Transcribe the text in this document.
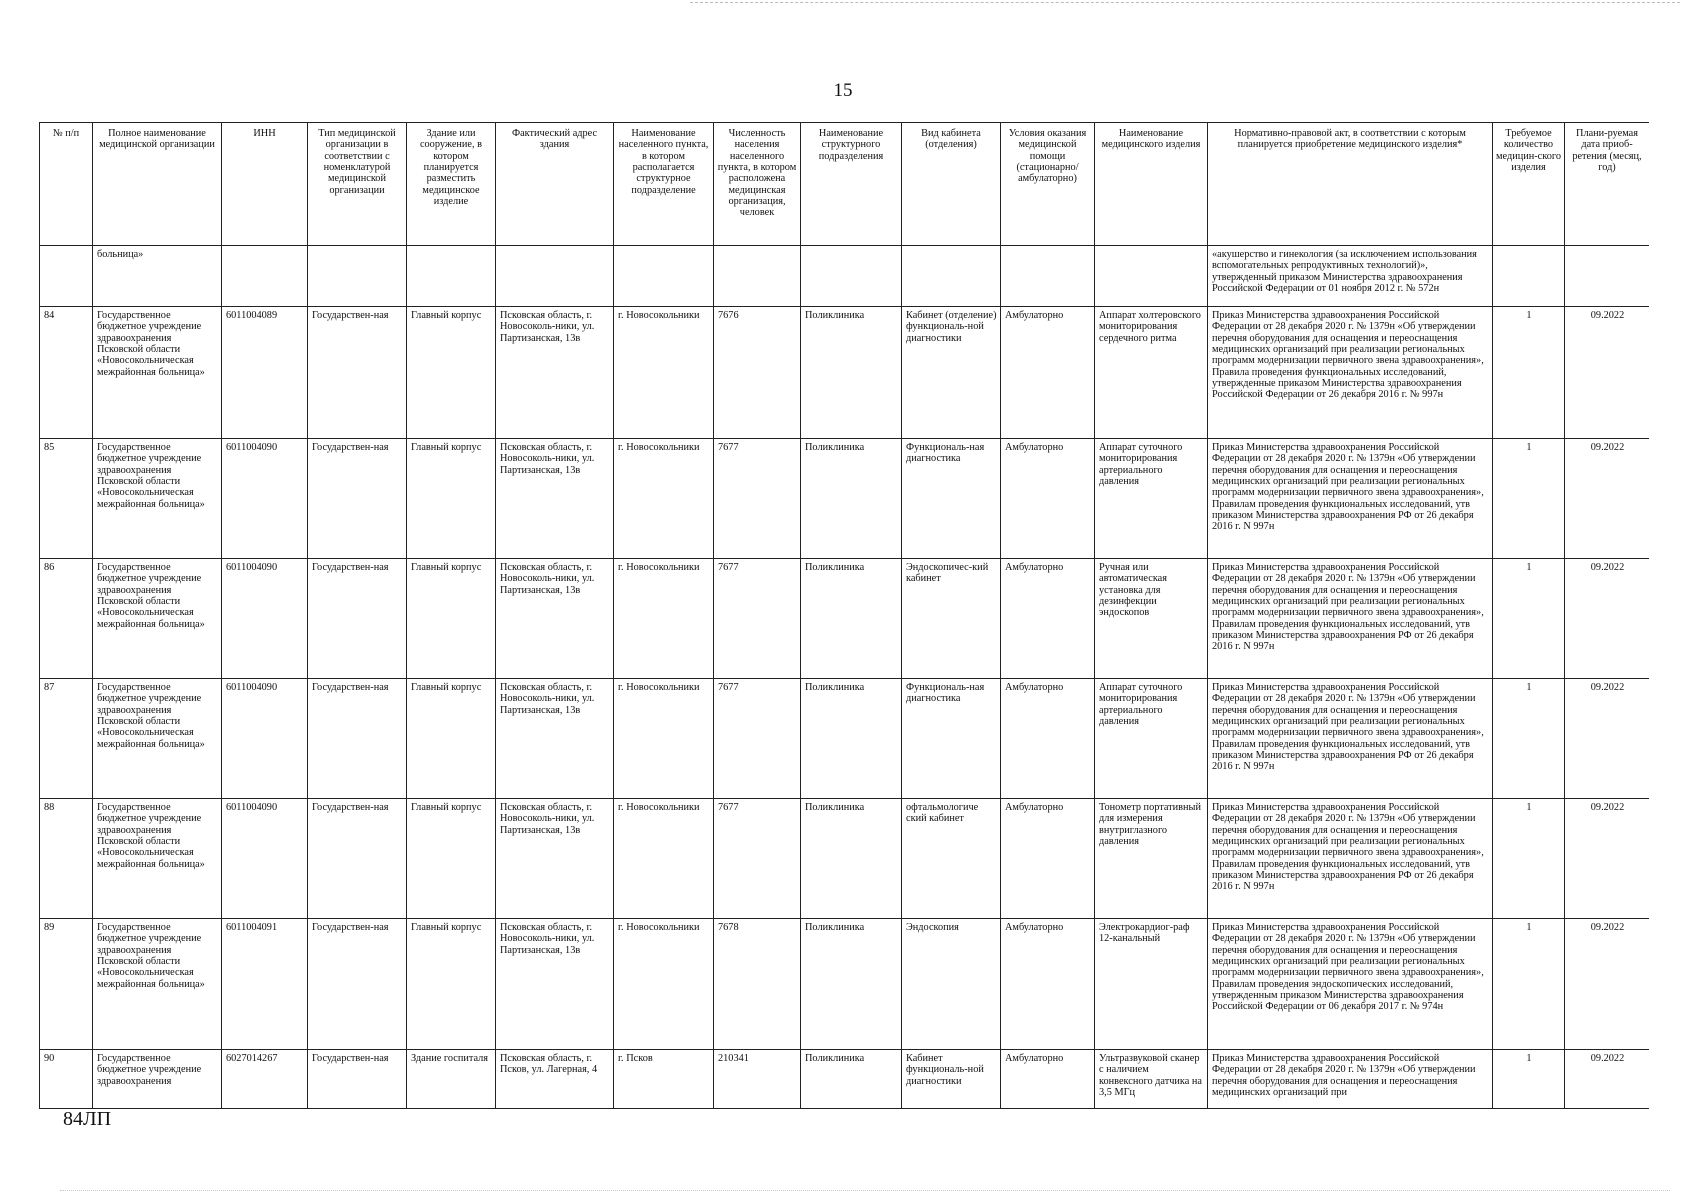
15
№ п/п	Полное наименование медицинской организации	ИНН	Тип медицинской организации в соответствии с номенклатурой медицинской организации	Здание или сооружение, в котором планируется разместить медицинское изделие	Фактический адрес здания	Наименование населенного пункта, в котором располагается структурное подразделение	Численность населения населенного пункта, в котором расположена медицинская организация, человек	Наименование структурного подразделения	Вид кабинета (отделения)	Условия оказания медицинской помощи (стационарно/амбулаторно)	Наименование медицинского изделия	Нормативно-правовой акт, в соответствии с которым планируется приобретение медицинского изделия*	Требуемое количество медицин-ского изделия	Плани-руемая дата приоб-ретения (месяц, год)
	больница»											«акушерство и гинекология (за исключением использования вспомогательных репродуктивных технологий)», утвержденный приказом Министерства здравоохранения Российской Федерации от 01 ноября 2012 г. № 572н		
84	Государственное бюджетное учреждение здравоохранения Псковской области «Новосокольническая межрайонная больница»	6011004089	Государствен-ная	Главный корпус	Псковская область, г. Новосоколь-ники, ул. Партизанская, 13в	г. Новосокольники	7676	Поликлиника	Кабинет (отделение) функциональ-ной диагностики	Амбулаторно	Аппарат холтеровского мониторирования сердечного ритма	Приказ Министерства здравоохранения Российской Федерации от 28 декабря 2020 г. № 1379н «Об утверждении перечня оборудования для оснащения и переоснащения медицинских организаций при реализации региональных программ модернизации первичного звена здравоохранения», Правила проведения функциональных исследований, утвержденные приказом Министерства здравоохранения Российской Федерации от 26 декабря 2016 г. № 997н	1	09.2022
85	Государственное бюджетное учреждение здравоохранения Псковской области «Новосокольническая межрайонная больница»	6011004090	Государствен-ная	Главный корпус	Псковская область, г. Новосоколь-ники, ул. Партизанская, 13в	г. Новосокольники	7677	Поликлиника	Функциональ-ная диагностика	Амбулаторно	Аппарат суточного мониторирования артериального давления	Приказ Министерства здравоохранения Российской Федерации от 28 декабря 2020 г. № 1379н «Об утверждении перечня оборудования для оснащения и переоснащения медицинских организаций при реализации региональных программ модернизации первичного звена здравоохранения», Правилам проведения функциональных исследований, утв приказом Министерства здравоохранения РФ от 26 декабря 2016 г. N 997н	1	09.2022
86	Государственное бюджетное учреждение здравоохранения Псковской области «Новосокольническая межрайонная больница»	6011004090	Государствен-ная	Главный корпус	Псковская область, г. Новосоколь-ники, ул. Партизанская, 13в	г. Новосокольники	7677	Поликлиника	Эндоскопичес-кий кабинет	Амбулаторно	Ручная или автоматическая установка для дезинфекции эндоскопов	Приказ Министерства здравоохранения Российской Федерации от 28 декабря 2020 г. № 1379н «Об утверждении перечня оборудования для оснащения и переоснащения медицинских организаций при реализации региональных программ модернизации первичного звена здравоохранения», Правилам проведения функциональных исследований, утв приказом Министерства здравоохранения РФ от 26 декабря 2016 г. N 997н	1	09.2022
87	Государственное бюджетное учреждение здравоохранения Псковской области «Новосокольническая межрайонная больница»	6011004090	Государствен-ная	Главный корпус	Псковская область, г. Новосоколь-ники, ул. Партизанская, 13в	г. Новосокольники	7677	Поликлиника	Функциональ-ная диагностика	Амбулаторно	Аппарат суточного мониторирования артериального давления	Приказ Министерства здравоохранения Российской Федерации от 28 декабря 2020 г. № 1379н «Об утверждении перечня оборудования для оснащения и переоснащения медицинских организаций при реализации региональных программ модернизации первичного звена здравоохранения», Правилам проведения функциональных исследований, утв приказом Министерства здравоохранения РФ от 26 декабря 2016 г. N 997н	1	09.2022
88	Государственное бюджетное учреждение здравоохранения Псковской области «Новосокольническая межрайонная больница»	6011004090	Государствен-ная	Главный корпус	Псковская область, г. Новосоколь-ники, ул. Партизанская, 13в	г. Новосокольники	7677	Поликлиника	офтальмологиче ский кабинет	Амбулаторно	Тонометр портативный для измерения внутриглазного давления	Приказ Министерства здравоохранения Российской Федерации от 28 декабря 2020 г. № 1379н «Об утверждении перечня оборудования для оснащения и переоснащения медицинских организаций при реализации региональных программ модернизации первичного звена здравоохранения», Правилам проведения функциональных исследований, утв приказом Министерства здравоохранения РФ от 26 декабря 2016 г. N 997н	1	09.2022
89	Государственное бюджетное учреждение здравоохранения Псковской области «Новосокольническая межрайонная больница»	6011004091	Государствен-ная	Главный корпус	Псковская область, г. Новосоколь-ники, ул. Партизанская, 13в	г. Новосокольники	7678	Поликлиника	Эндоскопия	Амбулаторно	Электрокардиог-раф 12-канальный	Приказ Министерства здравоохранения Российской Федерации от 28 декабря 2020 г. № 1379н «Об утверждении перечня оборудования для оснащения и переоснащения медицинских организаций при реализации региональных программ модернизации первичного звена здравоохранения», Правилам проведения эндоскопических исследований, утвержденным приказом Министерства здравоохранения Российской Федерации от 06 декабря 2017 г. № 974н	1	09.2022
90	Государственное бюджетное учреждение здравоохранения	6027014267	Государствен-ная	Здание госпиталя	Псковская область, г. Псков, ул. Лагерная, 4	г. Псков	210341	Поликлиника	Кабинет функциональ-ной диагностики	Амбулаторно	Ультразвуковой сканер с наличием конвексного датчика на 3,5 МГц	Приказ Министерства здравоохранения Российской Федерации от 28 декабря 2020 г. № 1379н «Об утверждении перечня оборудования для оснащения и переоснащения медицинских организаций при	1	09.2022
84ЛП
